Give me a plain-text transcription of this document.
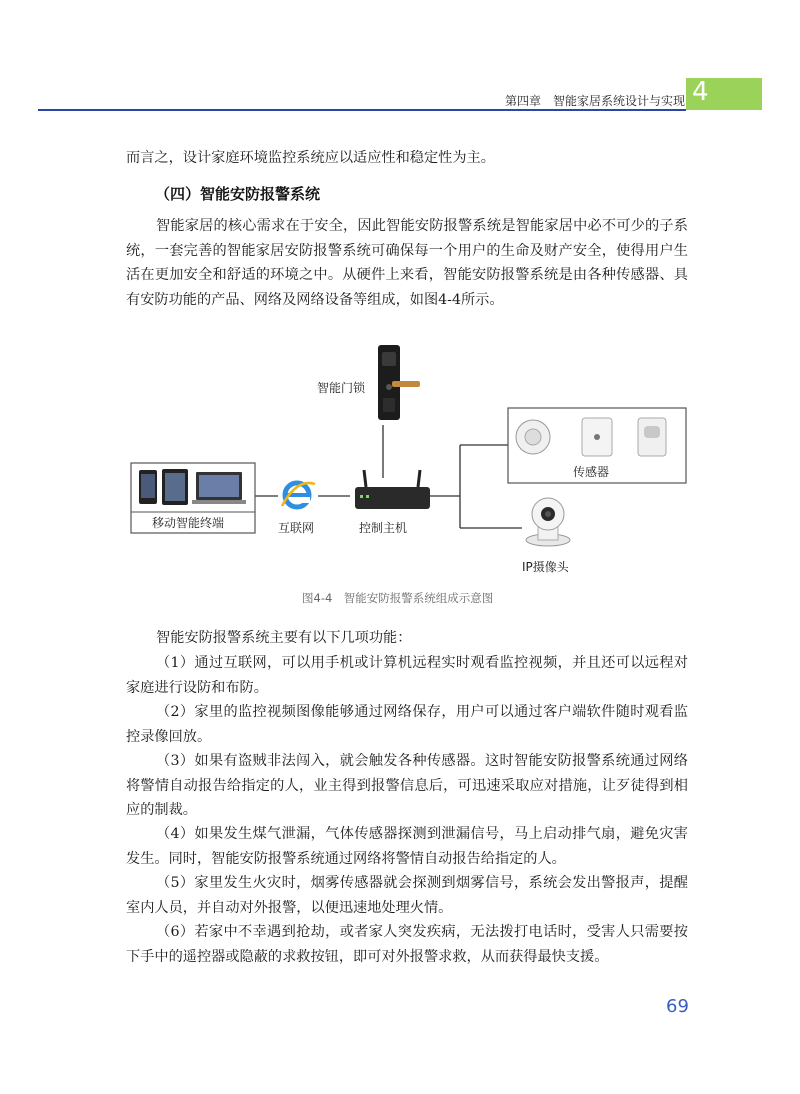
第四章　智能家居系统设计与实现 4

而言之，设计家庭环境监控系统应以适应性和稳定性为主。

（四）智能安防报警系统

智能家居的核心需求在于安全，因此智能安防报警系统是智能家居中必不可少的子系统，一套完善的智能家居安防报警系统可确保每一个用户的生命及财产安全，使得用户生活在更加安全和舒适的环境之中。从硬件上来看，智能安防报警系统是由各种传感器、具有安防功能的产品、网络及网络设备等组成，如图4-4所示。

智能门锁
传感器
移动智能终端	互联网	控制主机
IP摄像头
图4-4　智能安防报警系统组成示意图

智能安防报警系统主要有以下几项功能：

（1）通过互联网，可以用手机或计算机远程实时观看监控视频，并且还可以远程对家庭进行设防和布防。

（2）家里的监控视频图像能够通过网络保存，用户可以通过客户端软件随时观看监控录像回放。

（3）如果有盗贼非法闯入，就会触发各种传感器。这时智能安防报警系统通过网络将警情自动报告给指定的人，业主得到报警信息后，可迅速采取应对措施，让歹徒得到相应的制裁。

（4）如果发生煤气泄漏，气体传感器探测到泄漏信号，马上启动排气扇，避免灾害发生。同时，智能安防报警系统通过网络将警情自动报告给指定的人。

（5）家里发生火灾时，烟雾传感器就会探测到烟雾信号，系统会发出警报声，提醒室内人员，并自动对外报警，以便迅速地处理火情。

（6）若家中不幸遇到抢劫，或者家人突发疾病，无法拨打电话时，受害人只需要按下手中的遥控器或隐蔽的求救按钮，即可对外报警求救，从而获得最快支援。

69
